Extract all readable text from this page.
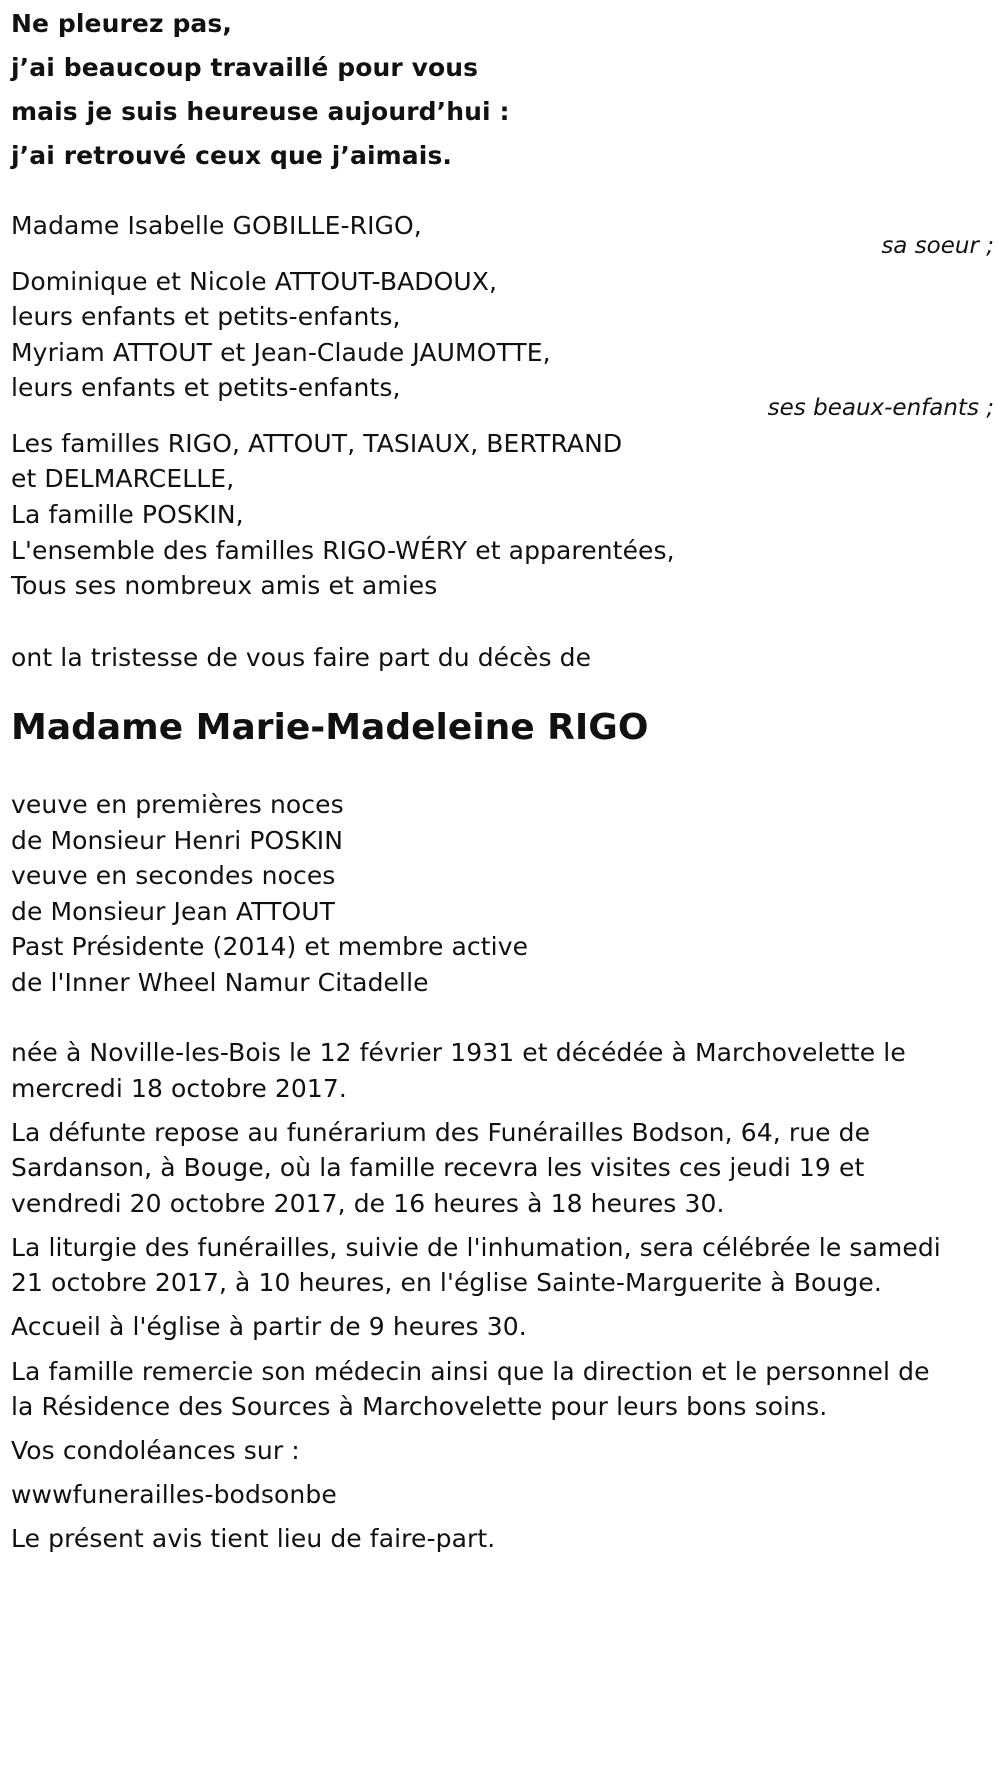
Ne pleurez pas,
j’ai beaucoup travaillé pour vous
mais je suis heureuse aujourd’hui :
j’ai retrouvé ceux que j’aimais.
Madame Isabelle GOBILLE-RIGO,
sa soeur ;
Dominique et Nicole ATTOUT-BADOUX,
leurs enfants et petits-enfants,
Myriam ATTOUT et Jean-Claude JAUMOTTE,
leurs enfants et petits-enfants,
ses beaux-enfants ;
Les familles RIGO, ATTOUT, TASIAUX, BERTRAND
et DELMARCELLE,
La famille POSKIN,
L'ensemble des familles RIGO-WÉRY et apparentées,
Tous ses nombreux amis et amies
ont la tristesse de vous faire part du décès de
Madame Marie-Madeleine RIGO
veuve en premières noces
de Monsieur Henri POSKIN
veuve en secondes noces
de Monsieur Jean ATTOUT
Past Présidente (2014) et membre active
de l'Inner Wheel Namur Citadelle
née à Noville-les-Bois le 12 février 1931 et décédée à Marchovelette le
mercredi 18 octobre 2017.
La défunte repose au funérarium des Funérailles Bodson, 64, rue de
Sardanson, à Bouge, où la famille recevra les visites ces jeudi 19 et
vendredi 20 octobre 2017, de 16 heures à 18 heures 30.
La liturgie des funérailles, suivie de l'inhumation, sera célébrée le samedi
21 octobre 2017, à 10 heures, en l'église Sainte-Marguerite à Bouge.
Accueil à l'église à partir de 9 heures 30.
La famille remercie son médecin ainsi que la direction et le personnel de
la Résidence des Sources à Marchovelette pour leurs bons soins.
Vos condoléances sur :
wwwfunerailles-bodsonbe
Le présent avis tient lieu de faire-part.
